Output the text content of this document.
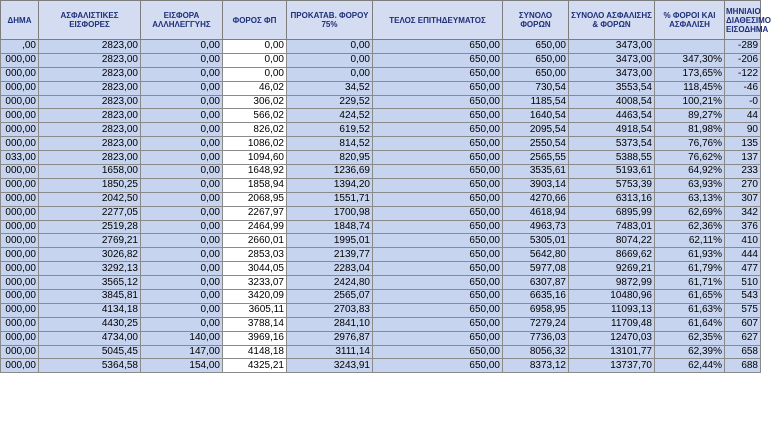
ΔΗΜΑ	ΑΣΦΑΛΙΣΤΙΚΕΣ ΕΙΣΦΟΡΕΣ	ΕΙΣΦΟΡΑ ΑΛΛΗΛΕΓΓΥΗΣ	ΦΟΡΟΣ ΦΠ	ΠΡΟΚΑΤΑΒ. ΦΟΡΟΥ 75%	ΤΕΛΟΣ ΕΠΙΤΗΔΕΥΜΑΤΟΣ	ΣΥΝΟΛΟ ΦΟΡΩΝ	ΣΥΝΟΛΟ ΑΣΦΑΛΙΣΗΣ & ΦΟΡΩΝ	% ΦΟΡΟΙ ΚΑΙ ΑΣΦΑΛΙΣΗ	ΜΗΝΙΑΙΟ ΔΙΑΘΕΣΙΜΟ ΕΙΣΟΔΗΜΑ
,00	2823,00	0,00	0,00	0,00	650,00	650,00	3473,00		-289
000,00	2823,00	0,00	0,00	0,00	650,00	650,00	3473,00	347,30%	-206
000,00	2823,00	0,00	0,00	0,00	650,00	650,00	3473,00	173,65%	-122
000,00	2823,00	0,00	46,02	34,52	650,00	730,54	3553,54	118,45%	-46
000,00	2823,00	0,00	306,02	229,52	650,00	1185,54	4008,54	100,21%	-0
000,00	2823,00	0,00	566,02	424,52	650,00	1640,54	4463,54	89,27%	44
000,00	2823,00	0,00	826,02	619,52	650,00	2095,54	4918,54	81,98%	90
000,00	2823,00	0,00	1086,02	814,52	650,00	2550,54	5373,54	76,76%	135
033,00	2823,00	0,00	1094,60	820,95	650,00	2565,55	5388,55	76,62%	137
000,00	1658,00	0,00	1648,92	1236,69	650,00	3535,61	5193,61	64,92%	233
000,00	1850,25	0,00	1858,94	1394,20	650,00	3903,14	5753,39	63,93%	270
000,00	2042,50	0,00	2068,95	1551,71	650,00	4270,66	6313,16	63,13%	307
000,00	2277,05	0,00	2267,97	1700,98	650,00	4618,94	6895,99	62,69%	342
000,00	2519,28	0,00	2464,99	1848,74	650,00	4963,73	7483,01	62,36%	376
000,00	2769,21	0,00	2660,01	1995,01	650,00	5305,01	8074,22	62,11%	410
000,00	3026,82	0,00	2853,03	2139,77	650,00	5642,80	8669,62	61,93%	444
000,00	3292,13	0,00	3044,05	2283,04	650,00	5977,08	9269,21	61,79%	477
000,00	3565,12	0,00	3233,07	2424,80	650,00	6307,87	9872,99	61,71%	510
000,00	3845,81	0,00	3420,09	2565,07	650,00	6635,16	10480,96	61,65%	543
000,00	4134,18	0,00	3605,11	2703,83	650,00	6958,95	11093,13	61,63%	575
000,00	4430,25	0,00	3788,14	2841,10	650,00	7279,24	11709,48	61,64%	607
000,00	4734,00	140,00	3969,16	2976,87	650,00	7736,03	12470,03	62,35%	627
000,00	5045,45	147,00	4148,18	3111,14	650,00	8056,32	13101,77	62,39%	658
000,00	5364,58	154,00	4325,21	3243,91	650,00	8373,12	13737,70	62,44%	688
